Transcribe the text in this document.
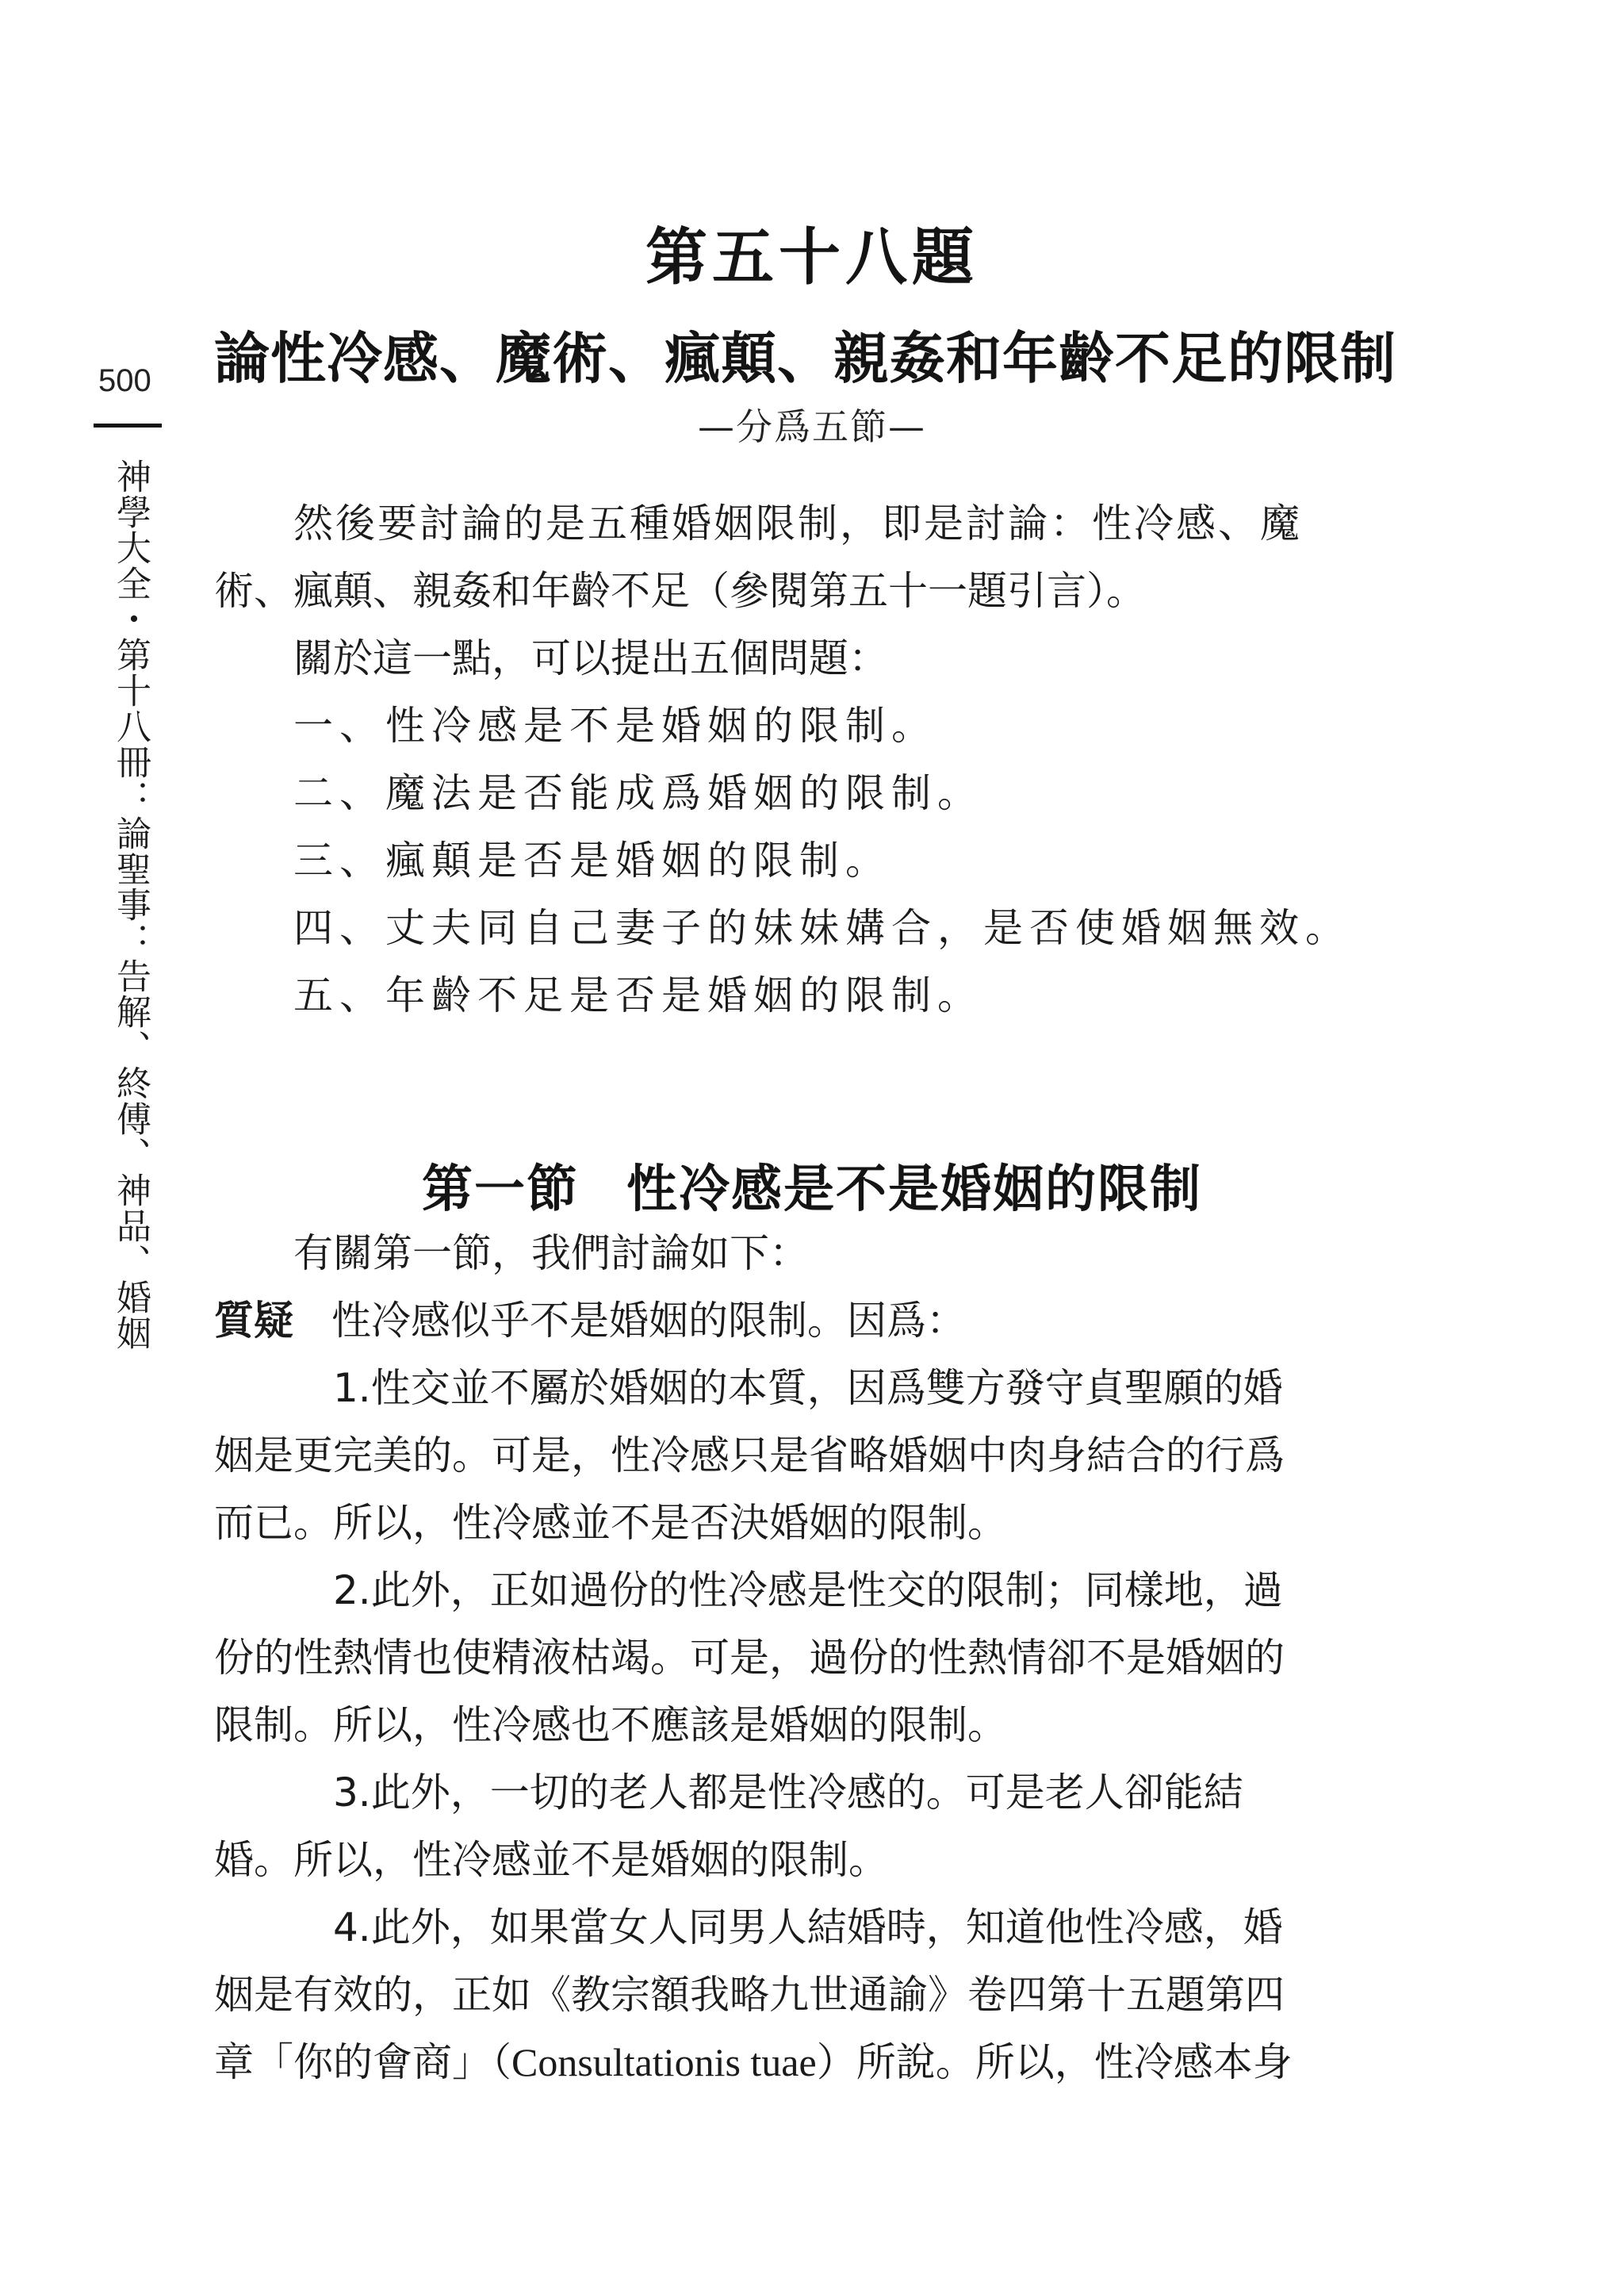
500
神學大全・第十八冊：論聖事：告解、終傅、神品、婚姻
第五十八題
論性冷感、魔術、瘋顛、親姦和年齡不足的限制
—分爲五節—
然後要討論的是五種婚姻限制，即是討論：性冷感、魔
術、瘋顛、親姦和年齡不足（參閱第五十一題引言）。
關於這一點，可以提出五個問題：
一、性冷感是不是婚姻的限制。
二、魔法是否能成爲婚姻的限制。
三、瘋顛是否是婚姻的限制。
四、丈夫同自己妻子的妹妹媾合，是否使婚姻無效。
五、年齡不足是否是婚姻的限制。
第一節 性冷感是不是婚姻的限制
有關第一節，我們討論如下：
質疑 性冷感似乎不是婚姻的限制。因爲：
1.性交並不屬於婚姻的本質，因爲雙方發守貞聖願的婚
姻是更完美的。可是，性冷感只是省略婚姻中肉身結合的行爲
而已。所以，性冷感並不是否決婚姻的限制。
2.此外，正如過份的性冷感是性交的限制；同樣地，過
份的性熱情也使精液枯竭。可是，過份的性熱情卻不是婚姻的
限制。所以，性冷感也不應該是婚姻的限制。
3.此外，一切的老人都是性冷感的。可是老人卻能結
婚。所以，性冷感並不是婚姻的限制。
4.此外，如果當女人同男人結婚時，知道他性冷感，婚
姻是有效的，正如《教宗額我略九世通諭》卷四第十五題第四
章「你的會商」（Consultationis tuae）所說。所以，性冷感本身
